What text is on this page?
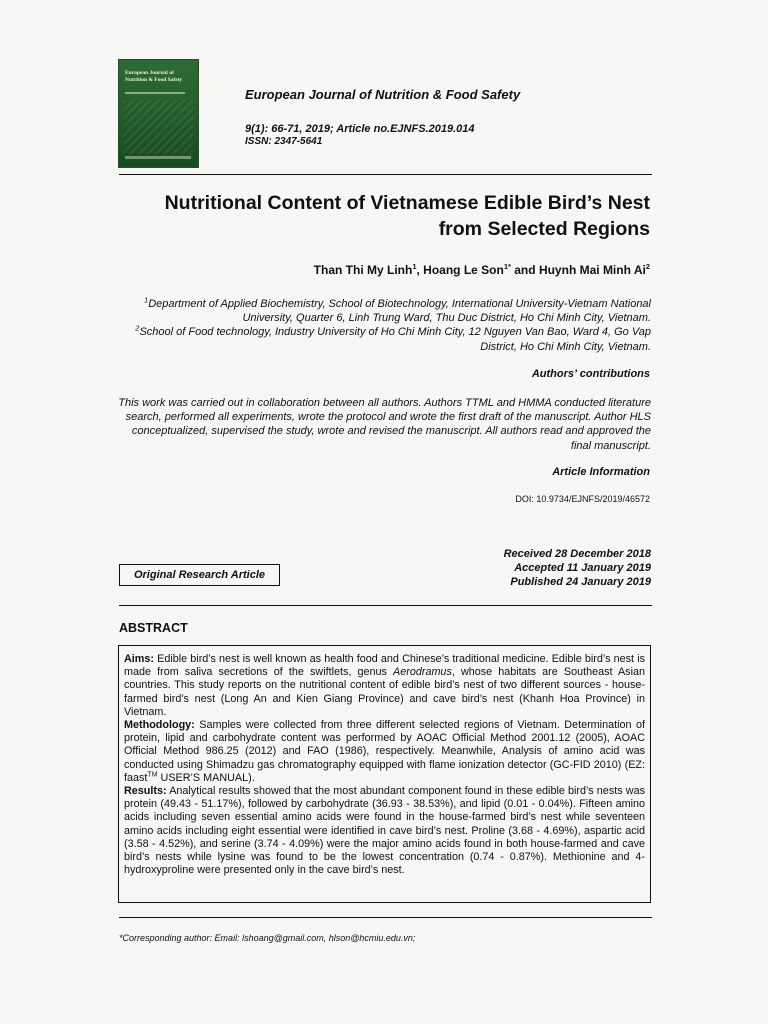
European Journal of Nutrition & Food Safety
European Journal of Nutrition & Food Safety
9(1): 66-71, 2019; Article no.EJNFS.2019.014
ISSN: 2347-5641
Nutritional Content of Vietnamese Edible Bird’s Nest
from Selected Regions
Than Thi My Linh$^1$, Hoang Le Son$^{1*}$ and Huynh Mai Minh Ai$^2$
$^1$Department of Applied Biochemistry, School of Biotechnology, International University-Vietnam National University, Quarter 6, Linh Trung Ward, Thu Duc District, Ho Chi Minh City, Vietnam.
$^2$School of Food technology, Industry University of Ho Chi Minh City, 12 Nguyen Van Bao, Ward 4, Go Vap District, Ho Chi Minh City, Vietnam.
Authors’ contributions
This work was carried out in collaboration between all authors. Authors TTML and HMMA conducted literature search, performed all experiments, wrote the protocol and wrote the first draft of the manuscript. Author HLS conceptualized, supervised the study, wrote and revised the manuscript. All authors read and approved the final manuscript.
Article Information
DOI: 10.9734/EJNFS/2019/46572
Received 28 December 2018
Accepted 11 January 2019
Published 24 January 2019
Original Research Article
ABSTRACT
Aims: Edible bird’s nest is well known as health food and Chinese’s traditional medicine. Edible bird’s nest is made from saliva secretions of the swiftlets, genus Aerodramus, whose habitats are Southeast Asian countries. This study reports on the nutritional content of edible bird’s nest of two different sources - house-farmed bird’s nest (Long An and Kien Giang Province) and cave bird’s nest (Khanh Hoa Province) in Vietnam.
Methodology: Samples were collected from three different selected regions of Vietnam. Determination of protein, lipid and carbohydrate content was performed by AOAC Official Method 2001.12 (2005), AOAC Official Method 986.25 (2012) and FAO (1986), respectively. Meanwhile, Analysis of amino acid was conducted using Shimadzu gas chromatography equipped with flame ionization detector (GC-FID 2010) (EZ: faast™ USER’S MANUAL).
Results: Analytical results showed that the most abundant component found in these edible bird’s nests was protein (49.43 - 51.17%), followed by carbohydrate (36.93 - 38.53%), and lipid (0.01 - 0.04%). Fifteen amino acids including seven essential amino acids were found in the house-farmed bird’s nest while seventeen amino acids including eight essential were identified in cave bird’s nest. Proline (3.68 - 4.69%), aspartic acid (3.58 - 4.52%), and serine (3.74 - 4.09%) were the major amino acids found in both house-farmed and cave bird’s nests while lysine was found to be the lowest concentration (0.74 - 0.87%). Methionine and 4-hydroxyproline were presented only in the cave bird’s nest.
*Corresponding author: Email: lshoang@gmail.com, hlson@hcmiu.edu.vn;
